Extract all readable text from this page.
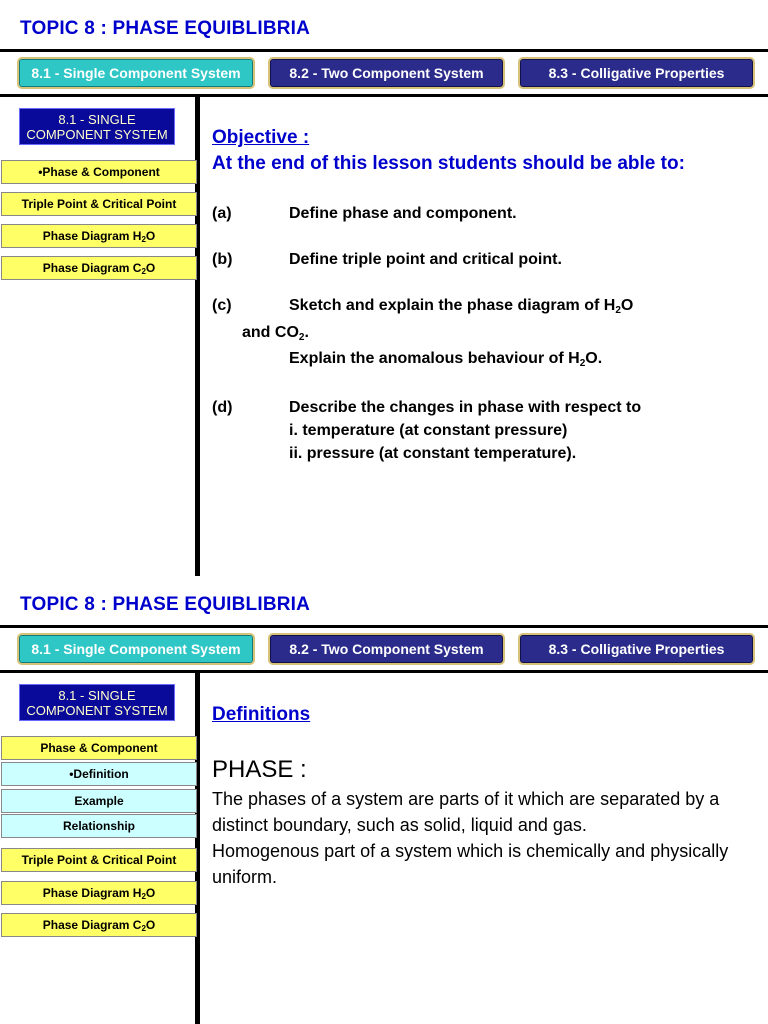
TOPIC 8 : PHASE EQUIBLIBRIA
8.1 - Single Component System	8.2 - Two Component System	8.3 - Colligative Properties
8.1 - SINGLE
COMPONENT SYSTEM
•Phase & Component
Triple Point & Critical Point
Phase Diagram $H_2O$
Phase Diagram $C_2O$
Objective :
At the end of this lesson students should be able to:
(a)	Define phase and component.
(b)	Define triple point and critical point.
(c)	Sketch and explain the phase diagram of H2O
and CO2.
Explain the anomalous behaviour of H2O.
(d)	Describe the changes in phase with respect to
i. temperature (at constant pressure)
ii. pressure (at constant temperature).
TOPIC 8 : PHASE EQUIBLIBRIA
8.1 - Single Component System	8.2 - Two Component System	8.3 - Colligative Properties
8.1 - SINGLE
COMPONENT SYSTEM
Phase & Component
•Definition
Example
Relationship
Triple Point & Critical Point
Phase Diagram $H_2O$
Phase Diagram $C_2O$
Definitions
PHASE :
The phases of a system are parts of it which are separated by a distinct boundary, such as solid, liquid and gas.
Homogenous part of a system which is chemically and physically uniform.
